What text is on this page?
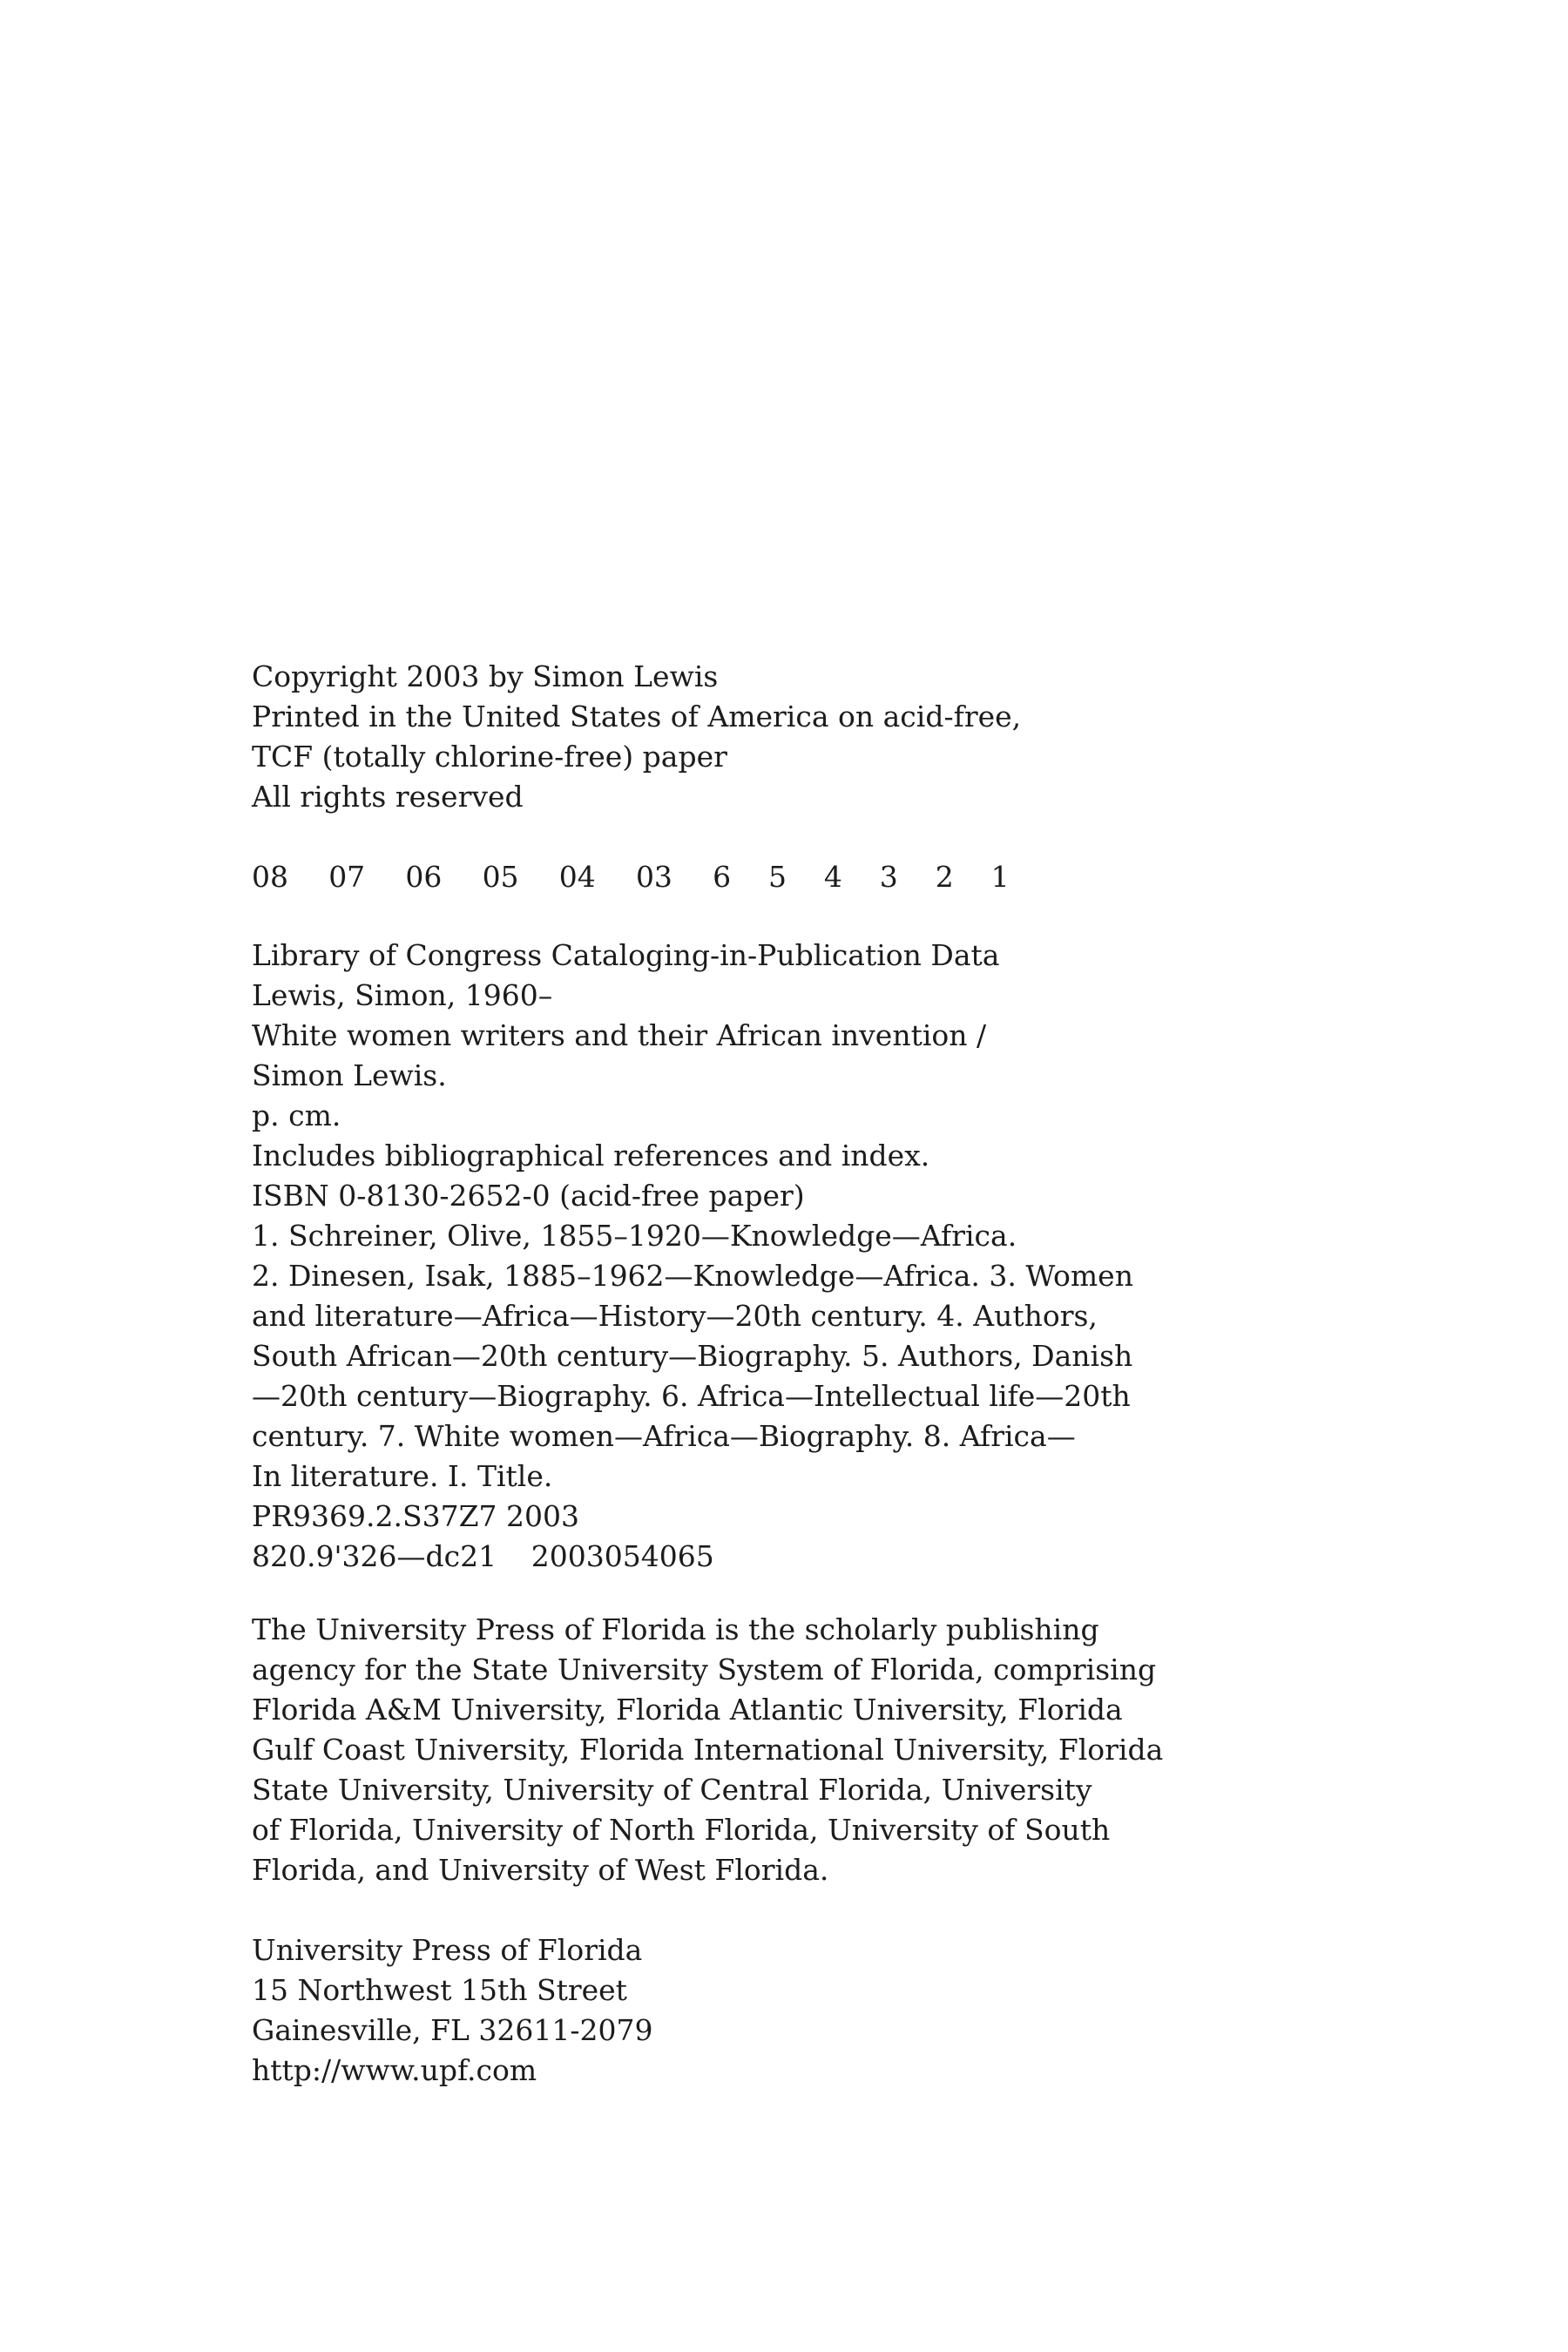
Copyright 2003 by Simon Lewis
Printed in the United States of America on acid-free,
TCF (totally chlorine-free) paper
All rights reserved
08 07 06 05 04 03 6 5 4 3 2 1
Library of Congress Cataloging-in-Publication Data
Lewis, Simon, 1960–
White women writers and their African invention /
Simon Lewis.
p. cm.
Includes bibliographical references and index.
ISBN 0-8130-2652-0 (acid-free paper)
1. Schreiner, Olive, 1855–1920—Knowledge—Africa.
2. Dinesen, Isak, 1885–1962—Knowledge—Africa. 3. Women
and literature—Africa—History—20th century. 4. Authors,
South African—20th century—Biography. 5. Authors, Danish
—20th century—Biography. 6. Africa—Intellectual life—20th
century. 7. White women—Africa—Biography. 8. Africa—
In literature. I. Title.
PR9369.2.S37Z7 2003
820.9'326—dc21 2003054065
The University Press of Florida is the scholarly publishing
agency for the State University System of Florida, comprising
Florida A&M University, Florida Atlantic University, Florida
Gulf Coast University, Florida International University, Florida
State University, University of Central Florida, University
of Florida, University of North Florida, University of South
Florida, and University of West Florida.
University Press of Florida
15 Northwest 15th Street
Gainesville, FL 32611-2079
http://www.upf.com
